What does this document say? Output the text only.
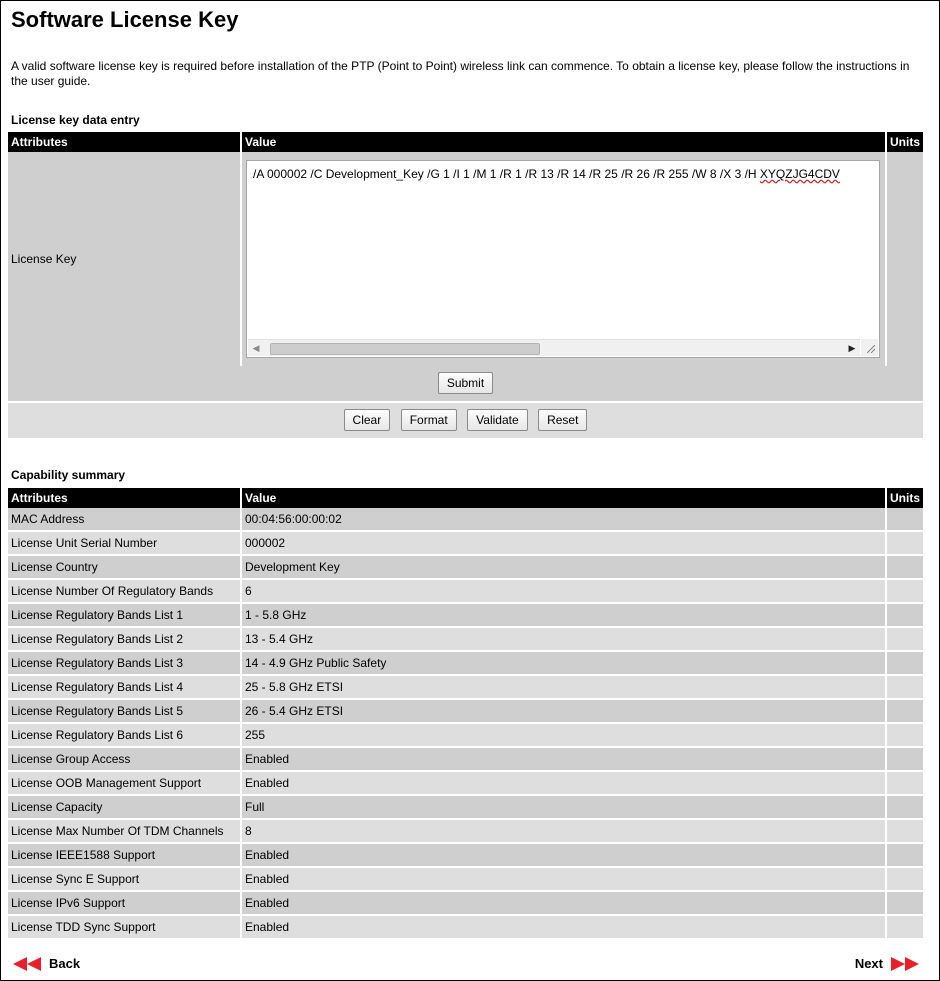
Software License Key

A valid software license key is required before installation of the PTP (Point to Point) wireless link can commence. To obtain a license key, please follow the instructions in the user guide.

License key data entry
Attributes	Value	Units
License Key	/A 000002 /C Development_Key /G 1 /I 1 /M 1 /R 1 /R 13 /R 14 /R 25 /R 26 /R 255 /W 8 /X 3 /H XYQZJG4CDV
◀ ▶	

Submit
Clear Format Validate Reset
Capability summary
Attributes	Value	Units
MAC Address	00:04:56:00:00:02	
License Unit Serial Number	000002	
License Country	Development Key	
License Number Of Regulatory Bands	6	
License Regulatory Bands List 1	1 - 5.8 GHz	
License Regulatory Bands List 2	13 - 5.4 GHz	
License Regulatory Bands List 3	14 - 4.9 GHz Public Safety	
License Regulatory Bands List 4	25 - 5.8 GHz ETSI	
License Regulatory Bands List 5	26 - 5.4 GHz ETSI	
License Regulatory Bands List 6	255	
License Group Access	Enabled	
License OOB Management Support	Enabled	
License Capacity	Full	
License Max Number Of TDM Channels	8	
License IEEE1588 Support	Enabled	
License Sync E Support	Enabled	
License IPv6 Support	Enabled	
License TDD Sync Support	Enabled	
Back	Next
